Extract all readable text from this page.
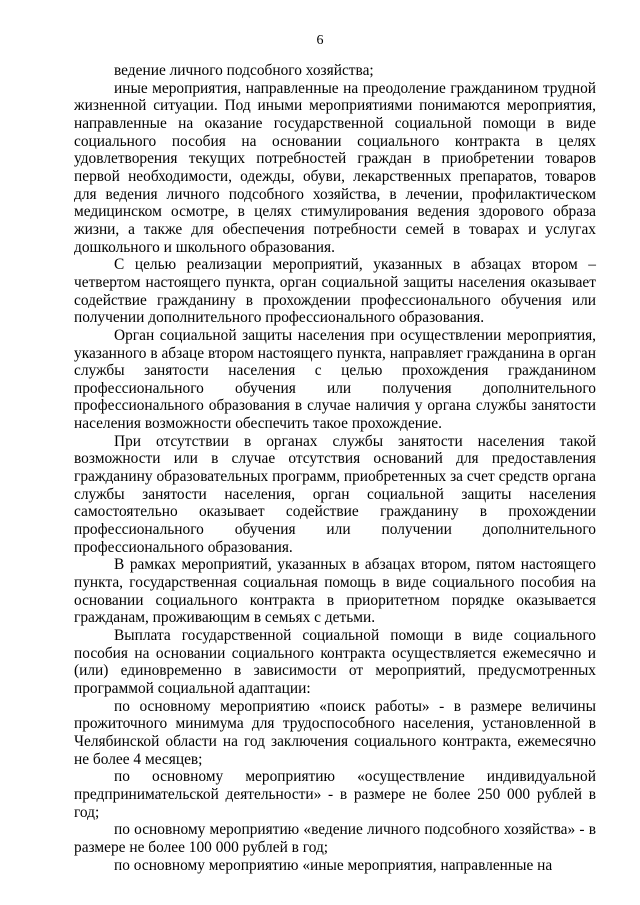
6

ведение личного подсобного хозяйства;

иные мероприятия, направленные на преодоление гражданином трудной жизненной ситуации. Под иными мероприятиями понимаются мероприятия, направленные на оказание государственной социальной помощи в виде социального пособия на основании социального контракта в целях удовлетворения текущих потребностей граждан в приобретении товаров первой необходимости, одежды, обуви, лекарственных препаратов, товаров для ведения личного подсобного хозяйства, в лечении, профилактическом медицинском осмотре, в целях стимулирования ведения здорового образа жизни, а также для обеспечения потребности семей в товарах и услугах дошкольного и школьного образования.

С целью реализации мероприятий, указанных в абзацах втором – четвертом настоящего пункта, орган социальной защиты населения оказывает содействие гражданину в прохождении профессионального обучения или получении дополнительного профессионального образования.

Орган социальной защиты населения при осуществлении мероприятия, указанного в абзаце втором настоящего пункта, направляет гражданина в орган службы занятости населения с целью прохождения гражданином профессионального обучения или получения дополнительного профессионального образования в случае наличия у органа службы занятости населения возможности обеспечить такое прохождение.

При отсутствии в органах службы занятости населения такой возможности или в случае отсутствия оснований для предоставления гражданину образовательных программ, приобретенных за счет средств органа службы занятости населения, орган социальной защиты населения самостоятельно оказывает содействие гражданину в прохождении профессионального обучения или получении дополнительного профессионального образования.

В рамках мероприятий, указанных в абзацах втором, пятом настоящего пункта, государственная социальная помощь в виде социального пособия на основании социального контракта в приоритетном порядке оказывается гражданам, проживающим в семьях с детьми.

Выплата государственной социальной помощи в виде социального пособия на основании социального контракта осуществляется ежемесячно и (или) единовременно в зависимости от мероприятий, предусмотренных программой социальной адаптации:

по основному мероприятию «поиск работы» - в размере величины прожиточного минимума для трудоспособного населения, установленной в Челябинской области на год заключения социального контракта, ежемесячно не более 4 месяцев;

по основному мероприятию «осуществление индивидуальной предпринимательской деятельности» - в размере не более 250 000 рублей в год;

по основному мероприятию «ведение личного подсобного хозяйства» - в размере не более 100 000 рублей в год;

по основному мероприятию «иные мероприятия, направленные на
